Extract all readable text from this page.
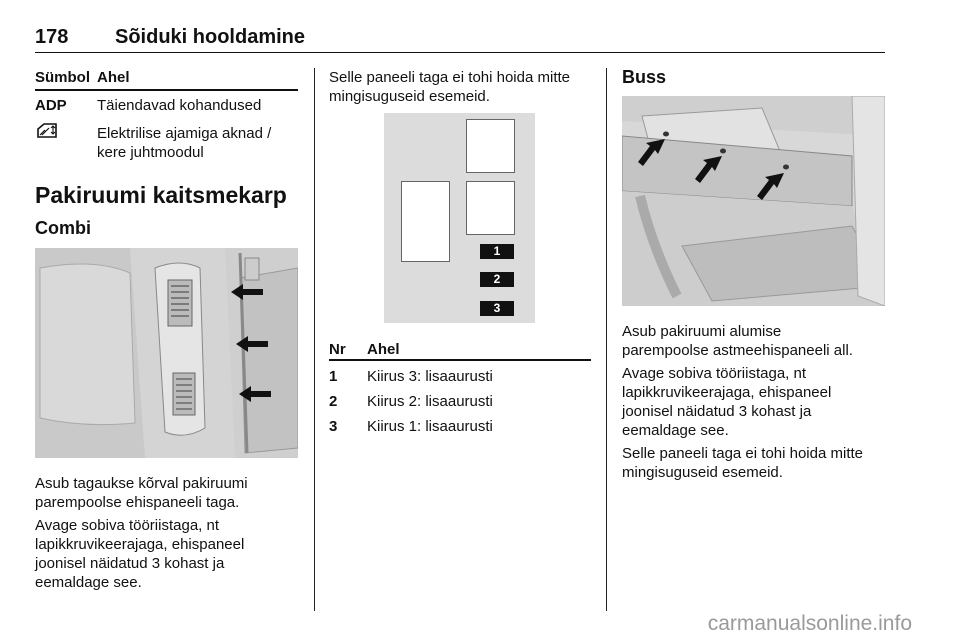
178 Sõiduki hooldamine
Sümbol Ahel
ADP Täiendavad kohandused
Elektrilise ajamiga aknad /
kere juhtmoodul
Pakiruumi kaitsmekarp
Combi
Asub tagaukse kõrval pakiruumi
parempoolse ehispaneeli taga.
Avage sobiva tööriistaga, nt
lapikkruvikeerajaga, ehispaneel
joonisel näidatud 3 kohast ja
eemaldage see.
Selle paneeli taga ei tohi hoida mitte
mingisuguseid esemeid.
1
2
3
Nr Ahel
1 Kiirus 3: lisaaurusti
2 Kiirus 2: lisaaurusti
3 Kiirus 1: lisaaurusti
Buss
Asub pakiruumi alumise
parempoolse astmeehispaneeli all.
Avage sobiva tööriistaga, nt
lapikkruvikeerajaga, ehispaneel
joonisel näidatud 3 kohast ja
eemaldage see.
Selle paneeli taga ei tohi hoida mitte
mingisuguseid esemeid.
carmanualsonline.info
